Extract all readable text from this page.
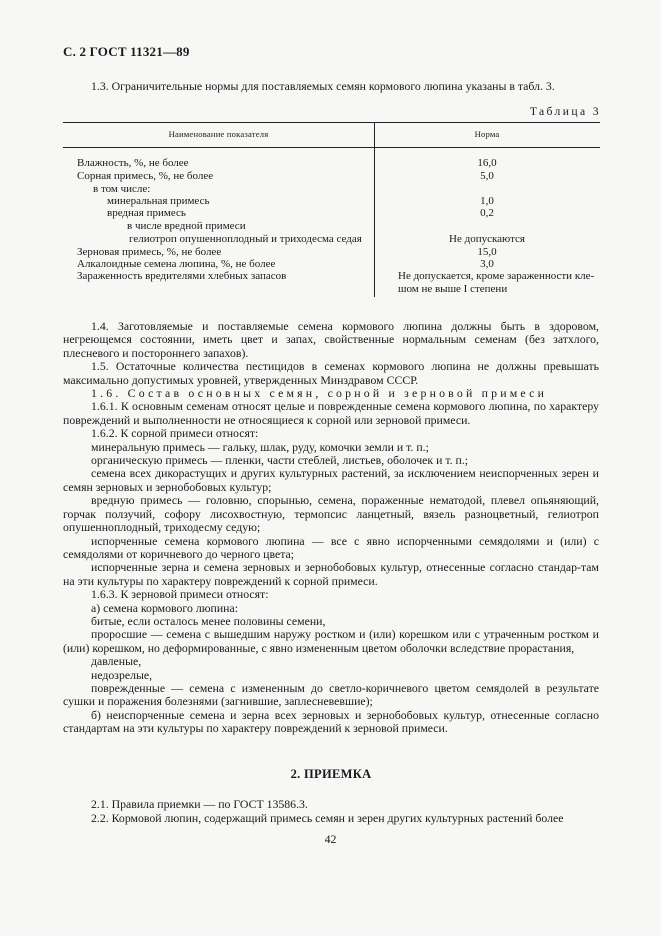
С. 2 ГОСТ 11321—89
1.3. Ограничительные нормы для поставляемых семян кормового люпина указаны в табл. 3.
Таблица 3
Наименование показателя	Норма
Влажность, %, не более	16,0
Сорная примесь, %, не более	5,0
в том числе:
минеральная примесь	1,0
вредная примесь	0,2
в числе вредной примеси
гелиотроп опушеннoплодный и триходесма седая	Не допускаются
Зерновая примесь, %, не более	15,0
Алкалоидные семена люпина, %, не более	3,0
Зараженность вредителями хлебных запасов	Не допускается, кроме зараженности кле-шом не выше I степени

1.4. Заготовляемые и поставляемые семена кормового люпина должны быть в здоровом, негреющемся состоянии, иметь цвет и запах, свойственные нормальным семенам (без затхлого, плесневого и постороннего запахов).

1.5. Остаточные количества пестицидов в семенах кормового люпина не должны превышать максимально допустимых уровней, утвержденных Минздравом СССР.

1.6. Состав основных семян, сорной и зерновой примеси

1.6.1. К основным семенам относят целые и поврежденные семена кормового люпина, по характеру повреждений и выполненности не относящиеся к сорной или зерновой примеси.

1.6.2. К сорной примеси относят:

минеральную примесь — гальку, шлак, руду, комочки земли и т. п.;

органическую примесь — пленки, части стеблей, листьев, оболочек и т. п.;

семена всех дикорастущих и других культурных растений, за исключением неиспорченных зерен и семян зерновых и зернобобовых культур;

вредную примесь — головню, спорынью, семена, пораженные нематодой, плевел опьяняющий, горчак ползучий, софору лисохвостную, термопсис ланцетный, вязель разноцветный, гелиотроп опушеннoплодный, триходесму седую;

испорченные семена кормового люпина — все с явно испорченными семядолями и (или) с семядолями от коричневого до черного цвета;

испорченные зерна и семена зерновых и зернобобовых культур, отнесенные согласно стандар-там на эти культуры по характеру повреждений к сорной примеси.

1.6.3. К зерновой примеси относят:

а) семена кормового люпина:

битые, если осталось менее половины семени,

проросшие — семена с вышедшим наружу ростком и (или) корешком или с утраченным ростком и (или) корешком, но деформированные, с явно измененным цветом оболочки вследствие прорастания,

давленые,

недозрелые,

поврежденные — семена с измененным до светло-коричневого цветом семядолей в результате сушки и поражения болезнями (загнившие, заплесневевшие);

б) неиспорченные семена и зерна всех зерновых и зернобобовых культур, отнесенные согласно стандартам на эти культуры по характеру повреждений к зерновой примеси.

2. ПРИЕМКА

2.1. Правила приемки — по ГОСТ 13586.3.

2.2. Кормовой люпин, содержащий примесь семян и зерен других культурных растений более

42
